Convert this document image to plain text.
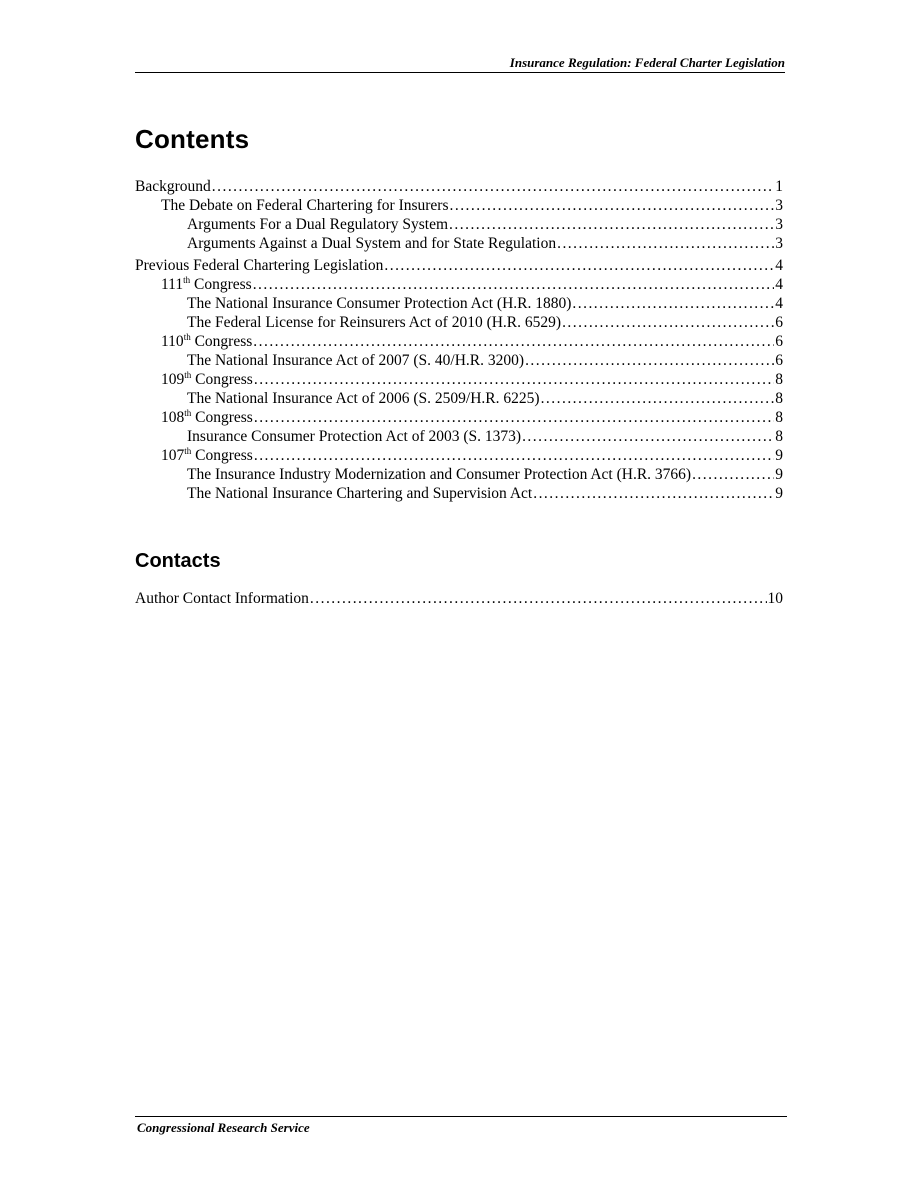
Insurance Regulation: Federal Charter Legislation
Contents
Background . . .	1
The Debate on Federal Chartering for Insurers . . .	3
Arguments For a Dual Regulatory System . . .	3
Arguments Against a Dual System and for State Regulation . . .	3
Previous Federal Chartering Legislation . . .	4
111th Congress . . .	4
The National Insurance Consumer Protection Act (H.R. 1880) . . .	4
The Federal License for Reinsurers Act of 2010 (H.R. 6529) . . .	6
110th Congress . . .	6
The National Insurance Act of 2007 (S. 40/H.R. 3200) . . .	6
109th Congress . . .	8
The National Insurance Act of 2006 (S. 2509/H.R. 6225) . . .	8
108th Congress . . .	8
Insurance Consumer Protection Act of 2003 (S. 1373) . . .	8
107th Congress . . .	9
The Insurance Industry Modernization and Consumer Protection Act (H.R. 3766) . . .	9
The National Insurance Chartering and Supervision Act . . .	9
Contacts
Author Contact Information . . .	10
Congressional Research Service
